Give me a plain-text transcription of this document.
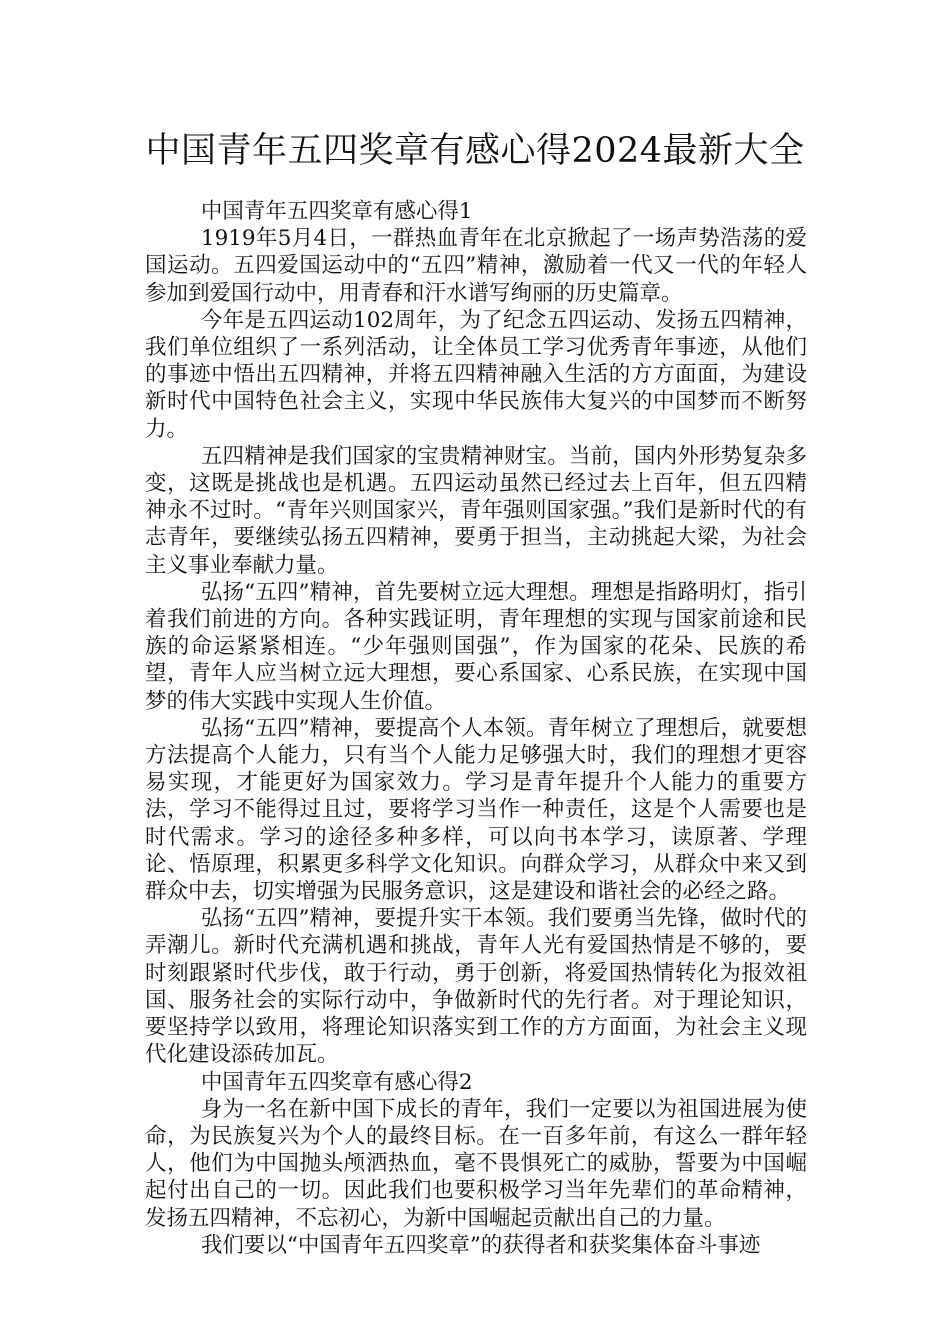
中国青年五四奖章有感心得2024最新大全

中国青年五四奖章有感心得1

1919年5月4日，一群热血青年在北京掀起了一场声势浩荡的爱国运动。五四爱国运动中的“五四”精神，激励着一代又一代的年轻人参加到爱国行动中，用青春和汗水谱写绚丽的历史篇章。

今年是五四运动102周年，为了纪念五四运动、发扬五四精神，我们单位组织了一系列活动，让全体员工学习优秀青年事迹，从他们的事迹中悟出五四精神，并将五四精神融入生活的方方面面，为建设新时代中国特色社会主义，实现中华民族伟大复兴的中国梦而不断努力。

五四精神是我们国家的宝贵精神财宝。当前，国内外形势复杂多变，这既是挑战也是机遇。五四运动虽然已经过去上百年，但五四精神永不过时。“青年兴则国家兴，青年强则国家强。”我们是新时代的有志青年，要继续弘扬五四精神，要勇于担当，主动挑起大梁，为社会主义事业奉献力量。

弘扬“五四”精神，首先要树立远大理想。理想是指路明灯，指引着我们前进的方向。各种实践证明，青年理想的实现与国家前途和民族的命运紧紧相连。“少年强则国强”，作为国家的花朵、民族的希望，青年人应当树立远大理想，要心系国家、心系民族，在实现中国梦的伟大实践中实现人生价值。

弘扬“五四”精神，要提高个人本领。青年树立了理想后，就要想方法提高个人能力，只有当个人能力足够强大时，我们的理想才更容易实现，才能更好为国家效力。学习是青年提升个人能力的重要方法，学习不能得过且过，要将学习当作一种责任，这是个人需要也是时代需求。学习的途径多种多样，可以向书本学习，读原著、学理论、悟原理，积累更多科学文化知识。向群众学习，从群众中来又到群众中去，切实增强为民服务意识，这是建设和谐社会的必经之路。

弘扬“五四”精神，要提升实干本领。我们要勇当先锋，做时代的弄潮儿。新时代充满机遇和挑战，青年人光有爱国热情是不够的，要时刻跟紧时代步伐，敢于行动，勇于创新，将爱国热情转化为报效祖国、服务社会的实际行动中，争做新时代的先行者。对于理论知识，要坚持学以致用，将理论知识落实到工作的方方面面，为社会主义现代化建设添砖加瓦。

中国青年五四奖章有感心得2

身为一名在新中国下成长的青年，我们一定要以为祖国进展为使命，为民族复兴为个人的最终目标。在一百多年前，有这么一群年轻人，他们为中国抛头颅洒热血，毫不畏惧死亡的威胁，誓要为中国崛起付出自己的一切。因此我们也要积极学习当年先辈们的革命精神，发扬五四精神，不忘初心，为新中国崛起贡献出自己的力量。

我们要以“中国青年五四奖章”的获得者和获奖集体奋斗事迹
